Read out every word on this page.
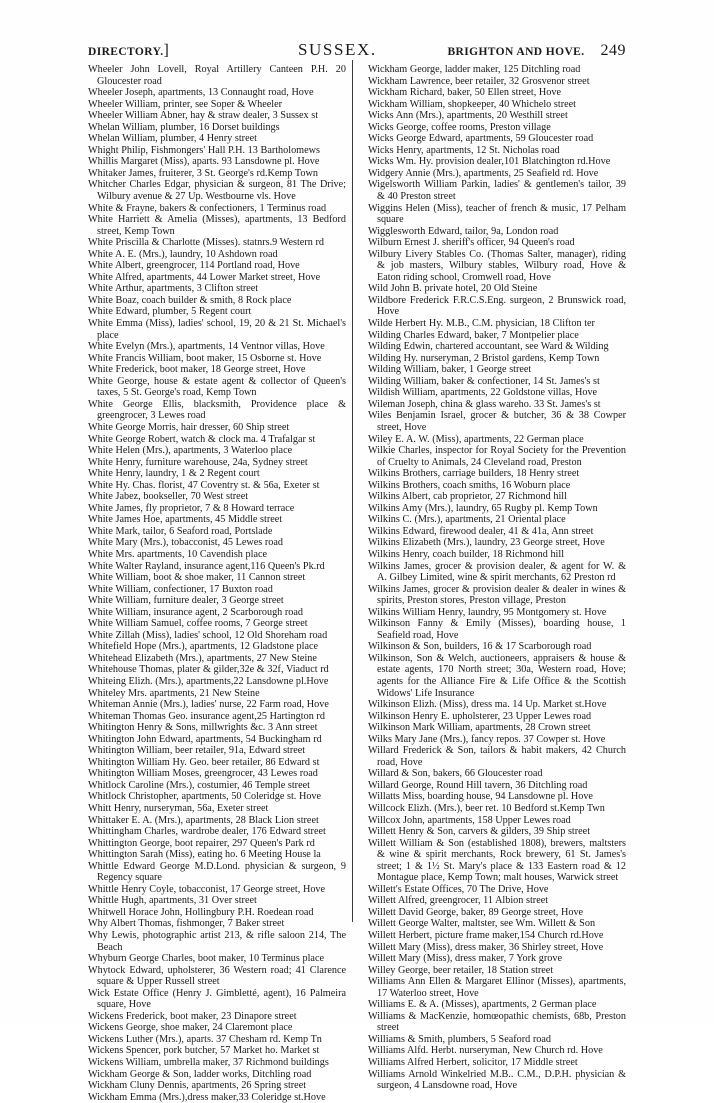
DIRECTORY.]	SUSSEX.	BRIGHTON AND HOVE. 249

Wheeler John Lovell, Royal Artillery Canteen P.H. 20 Gloucester road

Wheeler Joseph, apartments, 13 Connaught road, Hove

Wheeler William, printer, see Soper & Wheeler

Wheeler William Abner, hay & straw dealer, 3 Sussex st

Whelan William, plumber, 16 Dorset buildings

Whelan William, plumber, 4 Henry street

Whight Philip, Fishmongers' Hall P.H. 13 Bartholomews

Whillis Margaret (Miss), aparts. 93 Lansdowne pl. Hove

Whitaker James, fruiterer, 3 St. George's rd.Kemp Town

Whitcher Charles Edgar, physician & surgeon, 81 The Drive; Wilbury avenue & 27 Up. Westbourne vls. Hove

White & Frayne, bakers & confectioners, 1 Terminus road

White Harriett & Amelia (Misses), apartments, 13 Bedford street, Kemp Town

White Priscilla & Charlotte (Misses). statnrs.9 Western rd

White A. E. (Mrs.), laundry, 10 Ashdown road

White Albert, greengrocer, 114 Portland road, Hove

White Alfred, apartments, 44 Lower Market street, Hove

White Arthur, apartments, 3 Clifton street

White Boaz, coach builder & smith, 8 Rock place

White Edward, plumber, 5 Regent court

White Emma (Miss), ladies' school, 19, 20 & 21 St. Michael's place

White Evelyn (Mrs.), apartments, 14 Ventnor villas, Hove

White Francis William, boot maker, 15 Osborne st. Hove

White Frederick, boot maker, 18 George street, Hove

White George, house & estate agent & collector of Queen's taxes, 5 St. George's road, Kemp Town

White George Ellis, blacksmith, Providence place & greengrocer, 3 Lewes road

White George Morris, hair dresser, 60 Ship street

White George Robert, watch & clock ma. 4 Trafalgar st

White Helen (Mrs.), apartments, 3 Waterloo place

White Henry, furniture warehouse, 24a, Sydney street

White Henry, laundry, 1 & 2 Regent court

White Hy. Chas. florist, 47 Coventry st. & 56a, Exeter st

White Jabez, bookseller, 70 West street

White James, fly proprietor, 7 & 8 Howard terrace

White James Hoe, apartments, 45 Middle street

White Mark, tailor, 6 Seaford road, Portslade

White Mary (Mrs.), tobacconist, 45 Lewes road

White Mrs. apartments, 10 Cavendish place

White Walter Rayland, insurance agent,116 Queen's Pk.rd

White William, boot & shoe maker, 11 Cannon street

White William, confectioner, 17 Buxton road

White William, furniture dealer, 3 George street

White William, insurance agent, 2 Scarborough road

White William Samuel, coffee rooms, 7 George street

White Zillah (Miss), ladies' school, 12 Old Shoreham road

Whitefield Hope (Mrs.), apartments, 12 Gladstone place

Whitehead Elizabeth (Mrs.), apartments, 27 New Steine

Whitehouse Thomas, plater & gilder,32e & 32f, Viaduct rd

Whiteing Elizh. (Mrs.), apartments,22 Lansdowne pl.Hove

Whiteley Mrs. apartments, 21 New Steine

Whiteman Annie (Mrs.), ladies' nurse, 22 Farm road, Hove

Whiteman Thomas Geo. insurance agent,25 Hartington rd

Whitington Henry & Sons, millwrights &c. 3 Ann street

Whitington John Edward, apartments, 54 Buckingham rd

Whitington William, beer retailer, 91a, Edward street

Whitington William Hy. Geo. beer retailer, 86 Edward st

Whitington William Moses, greengrocer, 43 Lewes road

Whitlock Caroline (Mrs.), costumier, 46 Temple street

Whitlock Christopher, apartments, 50 Coleridge st. Hove

Whitt Henry, nurseryman, 56a, Exeter street

Whittaker E. A. (Mrs.), apartments, 28 Black Lion street

Whittingham Charles, wardrobe dealer, 176 Edward street

Whittington George, boot repairer, 297 Queen's Park rd

Whittington Sarah (Miss), eating ho. 6 Meeting House la

Whittle Edward George M.D.Lond. physician & surgeon, 9 Regency square

Whittle Henry Coyle, tobacconist, 17 George street, Hove

Whittle Hugh, apartments, 31 Over street

Whitwell Horace John, Hollingbury P.H. Roedean road

Why Albert Thomas, fishmonger, 7 Baker street

Why Lewis, photographic artist 213, & rifle saloon 214, The Beach

Whyburn George Charles, boot maker, 10 Terminus place

Whytock Edward, upholsterer, 36 Western road; 41 Clarence square & Upper Russell street

Wick Estate Office (Henry J. Gimbletté, agent), 16 Palmeira square, Hove

Wickens Frederick, boot maker, 23 Dinapore street

Wickens George, shoe maker, 24 Claremont place

Wickens Luther (Mrs.), aparts. 37 Chesham rd. Kemp Tn

Wickens Spencer, pork butcher, 57 Market ho. Market st

Wickens William, umbrella maker, 37 Richmond buildings

Wickham George & Son, ladder works, Ditchling road

Wickham Cluny Dennis, apartments, 26 Spring street

Wickham Emma (Mrs.),dress maker,33 Coleridge st.Hove

Wickham George, ladder maker, 125 Ditchling road

Wickham Lawrence, beer retailer, 32 Grosvenor street

Wickham Richard, baker, 50 Ellen street, Hove

Wickham William, shopkeeper, 40 Whichelo street

Wicks Ann (Mrs.), apartments, 20 Westhill street

Wicks George, coffee rooms, Preston village

Wicks George Edward, apartments, 59 Gloucester road

Wicks Henry, apartments, 12 St. Nicholas road

Wicks Wm. Hy. provision dealer,101 Blatchington rd.Hove

Widgery Annie (Mrs.), apartments, 25 Seafield rd. Hove

Wigelsworth William Parkin, ladies' & gentlemen's tailor, 39 & 40 Preston street

Wiggins Helen (Miss), teacher of french & music, 17 Pelham square

Wigglesworth Edward, tailor, 9a, London road

Wilburn Ernest J. sheriff's officer, 94 Queen's road

Wilbury Livery Stables Co. (Thomas Salter, manager), riding & job masters, Wilbury stables, Wilbury road, Hove & Eaton riding school, Cromwell road, Hove

Wild John B. private hotel, 20 Old Steine

Wildbore Frederick F.R.C.S.Eng. surgeon, 2 Brunswick road, Hove

Wilde Herbert Hy. M.B., C.M. physician, 18 Clifton ter

Wilding Charles Edward, baker, 7 Montpelier place

Wilding Edwin, chartered accountant, see Ward & Wilding

Wilding Hy. nurseryman, 2 Bristol gardens, Kemp Town

Wilding William, baker, 1 George street

Wilding William, baker & confectioner, 14 St. James's st

Wildish William, apartments, 22 Goldstone villas, Hove

Wileman Joseph, china & glass wareho. 33 St. James's st

Wiles Benjamin Israel, grocer & butcher, 36 & 38 Cowper street, Hove

Wiley E. A. W. (Miss), apartments, 22 German place

Wilkie Charles, inspector for Royal Society for the Prevention of Cruelty to Animals, 24 Cleveland road, Preston

Wilkins Brothers, carriage builders, 18 Henry street

Wilkins Brothers, coach smiths, 16 Woburn place

Wilkins Albert, cab proprietor, 27 Richmond hill

Wilkins Amy (Mrs.), laundry, 65 Rugby pl. Kemp Town

Wilkins C. (Mrs.), apartments, 21 Oriental place

Wilkins Edward, firewood dealer, 41 & 41a, Ann street

Wilkins Elizabeth (Mrs.), laundry, 23 George street, Hove

Wilkins Henry, coach builder, 18 Richmond hill

Wilkins James, grocer & provision dealer, & agent for W. & A. Gilbey Limited, wine & spirit merchants, 62 Preston rd

Wilkins James, grocer & provision dealer & dealer in wines & spirits, Preston stores, Preston village, Preston

Wilkins William Henry, laundry, 95 Montgomery st. Hove

Wilkinson Fanny & Emily (Misses), boarding house, 1 Seafield road, Hove

Wilkinson & Son, builders, 16 & 17 Scarborough road

Wilkinson, Son & Welch, auctioneers, appraisers & house & estate agents, 170 North street; 30a, Western road, Hove; agents for the Alliance Fire & Life Office & the Scottish Widows' Life Insurance

Wilkinson Elizh. (Miss), dress ma. 14 Up. Market st.Hove

Wilkinson Henry E. upholsterer, 23 Upper Lewes road

Wilkinson Mark William, apartments, 28 Crown street

Wilks Mary Jane (Mrs.), fancy repos. 37 Cowper st. Hove

Willard Frederick & Son, tailors & habit makers, 42 Church road, Hove

Willard & Son, bakers, 66 Gloucester road

Willard George, Round Hill tavern, 36 Ditchling road

Willatts Miss, boarding house, 94 Lansdowne pl. Hove

Willcock Elizh. (Mrs.), beer ret. 10 Bedford st.Kemp Twn

Willcox John, apartments, 158 Upper Lewes road

Willett Henry & Son, carvers & gilders, 39 Ship street

Willett William & Son (established 1808), brewers, maltsters & wine & spirit merchants, Rock brewery, 61 St. James's street; 1 & 1½ St. Mary's place & 133 Eastern road & 12 Montague place, Kemp Town; malt houses, Warwick street

Willett's Estate Offices, 70 The Drive, Hove

Willett Alfred, greengrocer, 11 Albion street

Willett David George, baker, 89 George street, Hove

Willett George Walter, maltster, see Wm. Willett & Son

Willett Herbert, picture frame maker,154 Church rd.Hove

Willett Mary (Miss), dress maker, 36 Shirley street, Hove

Willett Mary (Miss), dress maker, 7 York grove

Willey George, beer retailer, 18 Station street

Williams Ann Ellen & Margaret Ellinor (Misses), apartments, 17 Waterloo street, Hove

Williams E. & A. (Misses), apartments, 2 German place

Williams & MacKenzie, homœopathic chemists, 68b, Preston street

Williams & Smith, plumbers, 5 Seaford road

Williams Alfd. Herbt. nurseryman, New Church rd. Hove

Williams Alfred Herbert, solicitor, 17 Middle street

Williams Arnold Winkelried M.B.. C.M., D.P.H. physician & surgeon, 4 Lansdowne road, Hove
